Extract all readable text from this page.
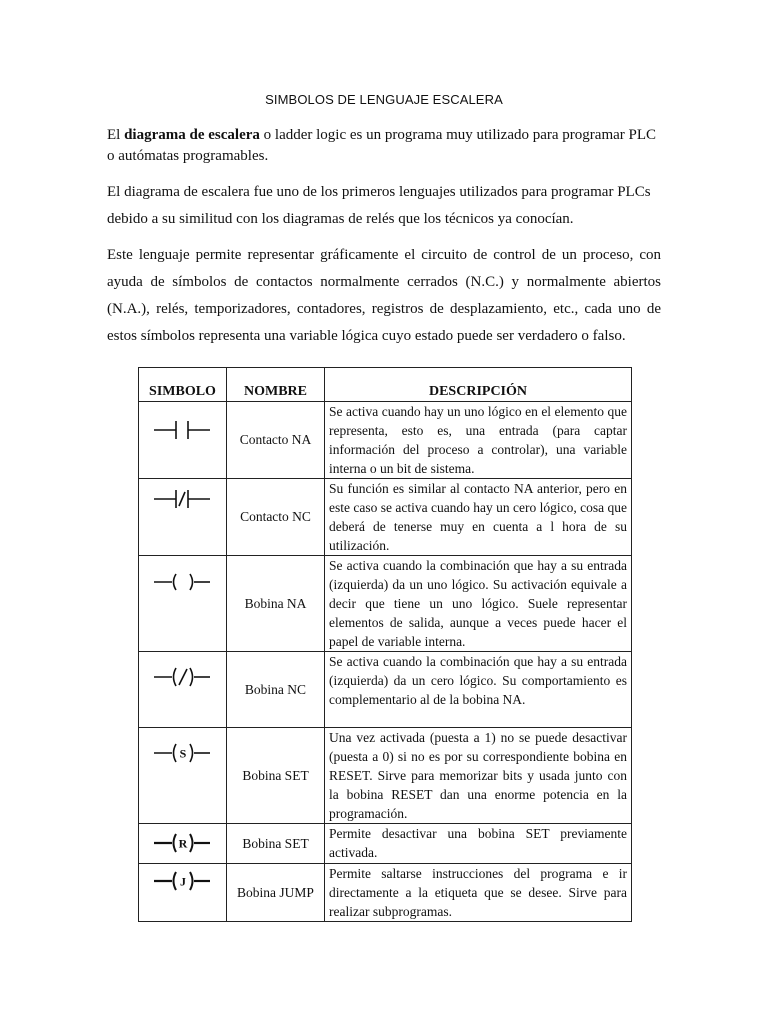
SIMBOLOS DE LENGUAJE ESCALERA
El diagrama de escalera o ladder logic es un programa muy utilizado para programar PLC o autómatas programables.
El diagrama de escalera fue uno de los primeros lenguajes utilizados para programar PLCs debido a su similitud con los diagramas de relés que los técnicos ya conocían.
Este lenguaje permite representar gráficamente el circuito de control de un proceso, con ayuda de símbolos de contactos normalmente cerrados (N.C.) y normalmente abiertos (N.A.), relés, temporizadores, contadores, registros de desplazamiento, etc., cada uno de estos símbolos representa una variable lógica cuyo estado puede ser verdadero o falso.
SIMBOLO	NOMBRE	DESCRIPCIÓN

	Contacto NA	Se activa cuando hay un uno lógico en el elemento que representa, esto es, una entrada (para captar información del proceso a controlar), una variable interna o un bit de sistema.

	Contacto NC	Su función es similar al contacto NA anterior, pero en este caso se activa cuando hay un cero lógico, cosa que deberá de tenerse muy en cuenta a l hora de su utilización.

	Bobina NA	Se activa cuando la combinación que hay a su entrada (izquierda) da un uno lógico. Su activación equivale a decir que tiene un uno lógico. Suele representar elementos de salida, aunque a veces puede hacer el papel de variable interna.

	Bobina NC	Se activa cuando la combinación que hay a su entrada (izquierda) da un cero lógico. Su comportamiento es complementario al de la bobina NA.

S	Bobina SET	Una vez activada (puesta a 1) no se puede desactivar (puesta a 0) si no es por su correspondiente bobina en RESET. Sirve para memorizar bits y usada junto con la bobina RESET dan una enorme potencia en la programación.

R	Bobina SET	Permite desactivar una bobina SET previamente activada.

J	Bobina JUMP	Permite saltarse instrucciones del programa e ir directamente a la etiqueta que se desee. Sirve para realizar subprogramas.
